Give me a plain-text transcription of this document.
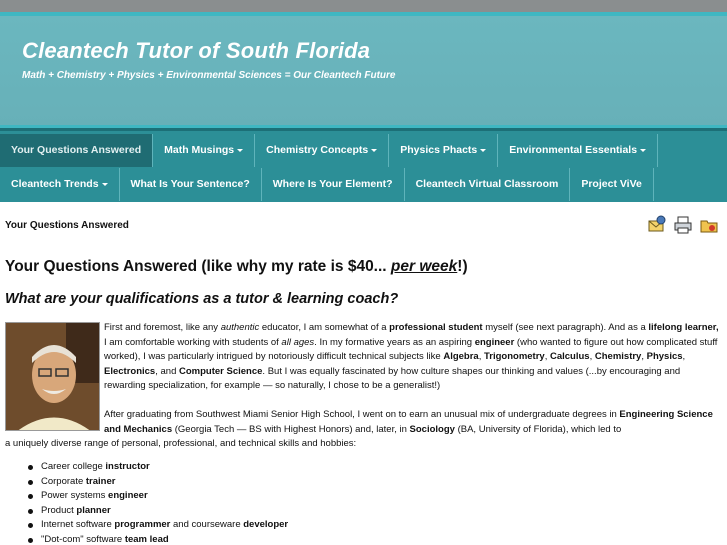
Cleantech Tutor of South Florida
Math + Chemistry + Physics + Environmental Sciences = Our Cleantech Future
Your Questions Answered	Math Musings	Chemistry Concepts	Physics Phacts	Environmental Essentials
Cleantech Trends	What Is Your Sentence?	Where Is Your Element?	Cleantech Virtual Classroom	Project ViVe
Your Questions Answered
Your Questions Answered (like why my rate is $40... per week!)
What are your qualifications as a tutor & learning coach?
First and foremost, like any authentic educator, I am somewhat of a professional student myself (see next paragraph). And as a lifelong learner, I am comfortable working with students of all ages. In my formative years as an aspiring engineer (who wanted to figure out how complicated stuff worked), I was particularly intrigued by notoriously difficult technical subjects like Algebra, Trigonometry, Calculus, Chemistry, Physics, Electronics, and Computer Science. But I was equally fascinated by how culture shapes our thinking and values (...by encouraging and rewarding specialization, for example — so naturally, I chose to be a generalist!)
After graduating from Southwest Miami Senior High School, I went on to earn an unusual mix of undergraduate degrees in Engineering Science and Mechanics (Georgia Tech — BS with Highest Honors) and, later, in Sociology (BA, University of Florida), which led to
a uniquely diverse range of personal, professional, and technical skills and hobbies:
Career college instructor
Corporate trainer
Power systems engineer
Product planner
Internet software programmer and courseware developer
"Dot-com" software team lead
